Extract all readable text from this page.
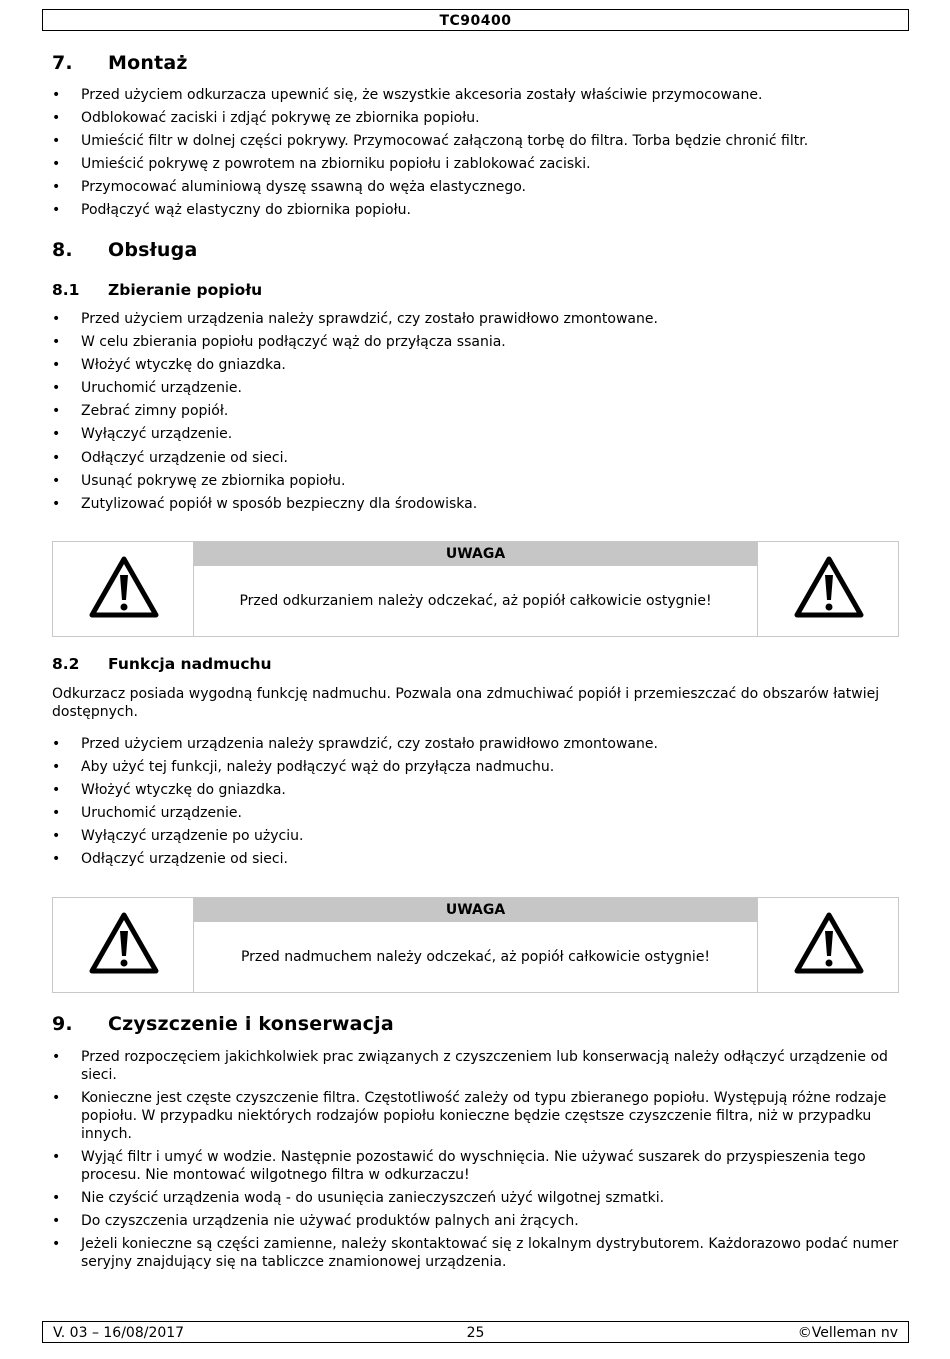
TC90400
7. Montaż
• Przed użyciem odkurzacza upewnić się, że wszystkie akcesoria zostały właściwie przymocowane.
• Odblokować zaciski i zdjąć pokrywę ze zbiornika popiołu.
• Umieścić filtr w dolnej części pokrywy. Przymocować załączoną torbę do filtra. Torba będzie chronić filtr.
• Umieścić pokrywę z powrotem na zbiorniku popiołu i zablokować zaciski.
• Przymocować aluminiową dyszę ssawną do węża elastycznego.
• Podłączyć wąż elastyczny do zbiornika popiołu.
8. Obsługa
8.1 Zbieranie popiołu
• Przed użyciem urządzenia należy sprawdzić, czy zostało prawidłowo zmontowane.
• W celu zbierania popiołu podłączyć wąż do przyłącza ssania.
• Włożyć wtyczkę do gniazdka.
• Uruchomić urządzenie.
• Zebrać zimny popiół.
• Wyłączyć urządzenie.
• Odłączyć urządzenie od sieci.
• Usunąć pokrywę ze zbiornika popiołu.
• Zutylizować popiół w sposób bezpieczny dla środowiska.
UWAGA
Przed odkurzaniem należy odczekać, aż popiół całkowicie ostygnie!
8.2 Funkcja nadmuchu
Odkurzacz posiada wygodną funkcję nadmuchu. Pozwala ona zdmuchiwać popiół i przemieszczać do obszarów łatwiej dostępnych.
• Przed użyciem urządzenia należy sprawdzić, czy zostało prawidłowo zmontowane.
• Aby użyć tej funkcji, należy podłączyć wąż do przyłącza nadmuchu.
• Włożyć wtyczkę do gniazdka.
• Uruchomić urządzenie.
• Wyłączyć urządzenie po użyciu.
• Odłączyć urządzenie od sieci.
UWAGA
Przed nadmuchem należy odczekać, aż popiół całkowicie ostygnie!
9. Czyszczenie i konserwacja
• Przed rozpoczęciem jakichkolwiek prac związanych z czyszczeniem lub konserwacją należy odłączyć urządzenie od sieci.
• Konieczne jest częste czyszczenie filtra. Częstotliwość zależy od typu zbieranego popiołu. Występują różne rodzaje popiołu. W przypadku niektórych rodzajów popiołu konieczne będzie częstsze czyszczenie filtra, niż w przypadku innych.
• Wyjąć filtr i umyć w wodzie. Następnie pozostawić do wyschnięcia. Nie używać suszarek do przyspieszenia tego procesu. Nie montować wilgotnego filtra w odkurzaczu!
• Nie czyścić urządzenia wodą - do usunięcia zanieczyszczeń użyć wilgotnej szmatki.
• Do czyszczenia urządzenia nie używać produktów palnych ani żrących.
• Jeżeli konieczne są części zamienne, należy skontaktować się z lokalnym dystrybutorem. Każdorazowo podać numer seryjny znajdujący się na tabliczce znamionowej urządzenia.
V. 03 – 16/08/2017	25	©Velleman nv
